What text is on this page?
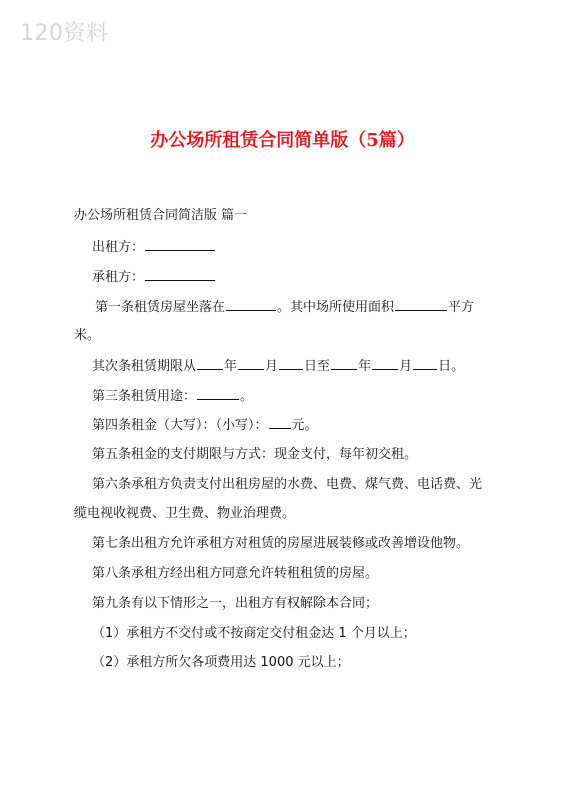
120资料
办公场所租赁合同简单版（5篇）
办公场所租赁合同简洁版 篇一
出租方：
承租方：
第一条租赁房屋坐落在	。其中场所使用面积	平方
米。
其次条租赁期限从 年 月 日至 年 月 日。
第三条租赁用途：	。
第四条租金（大写）：（小写）： 元。
第五条租金的支付期限与方式：现金支付，每年初交租。
第六条承租方负责支付出租房屋的水费、电费、煤气费、电话费、光
缆电视收视费、卫生费、物业治理费。
第七条出租方允许承租方对租赁的房屋进展装修或改善增设他物。
第八条承租方经出租方同意允许转租租赁的房屋。
第九条有以下情形之一，出租方有权解除本合同；
（1）承租方不交付或不按商定交付租金达 1 个月以上；
（2）承租方所欠各项费用达 1000 元以上；
